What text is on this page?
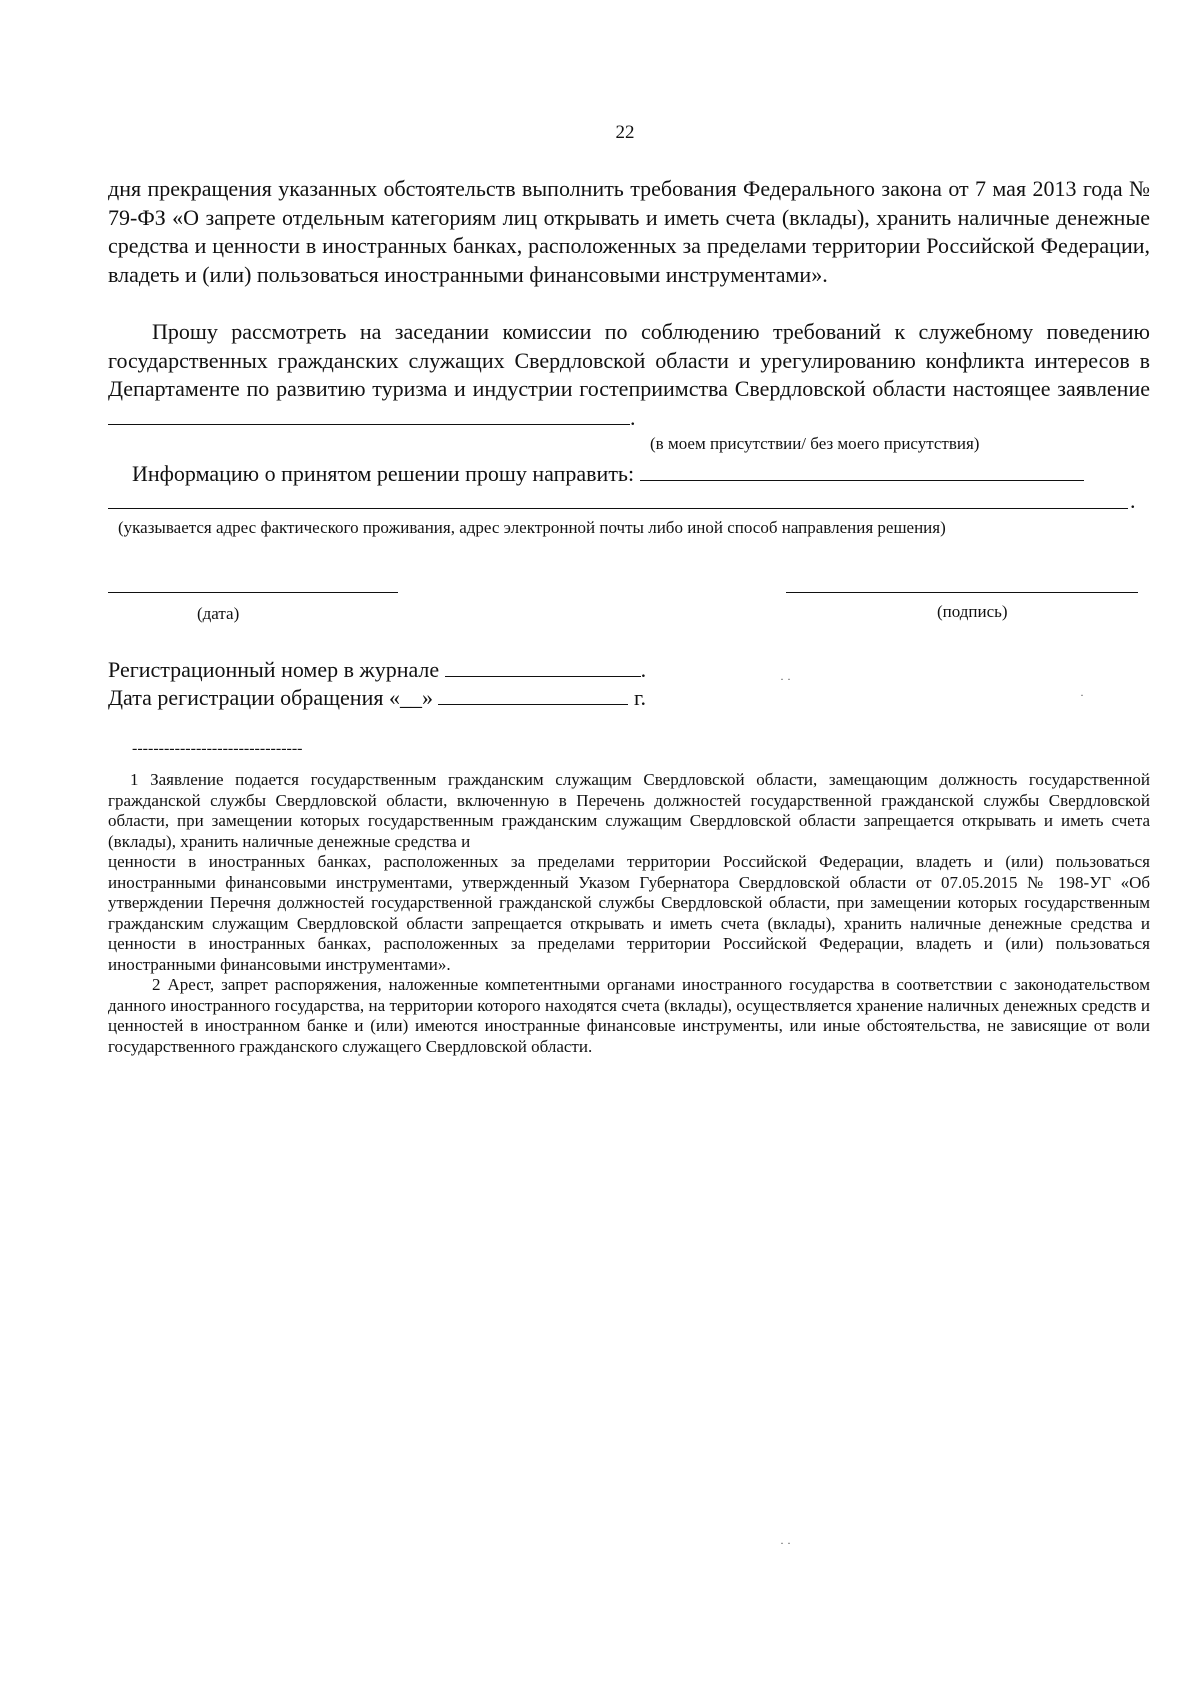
22
дня прекращения указанных обстоятельств выполнить требования Федерального закона от 7 мая 2013 года № 79-ФЗ «О запрете отдельным категориям лиц открывать и иметь счета (вклады), хранить наличные денежные средства и ценности в иностранных банках, расположенных за пределами территории Российской Федерации, владеть и (или) пользоваться иностранными финансовыми инструментами».
Прошу рассмотреть на заседании комиссии по соблюдению требований к служебному поведению государственных гражданских служащих Свердловской области и урегулированию конфликта интересов в Департаменте по развитию туризма и индустрии гостеприимства Свердловской области настоящее заявление .
(в моем присутствии/ без моего присутствия)
Информацию о принятом решении прошу направить:
.
(указывается адрес фактического проживания, адрес электронной почты либо иной способ направления решения)
(дата)	(подпись)
Регистрационный номер в журнале	.
Дата регистрации обращения «__»	г.
· ·
·
· ·
--------------------------------

1 Заявление подается государственным гражданским служащим Свердловской области, замещающим должность государственной гражданской службы Свердловской области, включенную в Перечень должностей государственной гражданской службы Свердловской области, при замещении которых государственным гражданским служащим Свердловской области запрещается открывать и иметь счета (вклады), хранить наличные денежные средства и

ценности в иностранных банках, расположенных за пределами территории Российской Федерации, владеть и (или) пользоваться иностранными финансовыми инструментами, утвержденный Указом Губернатора Свердловской области от 07.05.2015 № 198-УГ «Об утверждении Перечня должностей государственной гражданской службы Свердловской области, при замещении которых государственным гражданским служащим Свердловской области запрещается открывать и иметь счета (вклады), хранить наличные денежные средства и ценности в иностранных банках, расположенных за пределами территории Российской Федерации, владеть и (или) пользоваться иностранными финансовыми инструментами».

2 Арест, запрет распоряжения, наложенные компетентными органами иностранного государства в соответствии с законодательством данного иностранного государства, на территории которого находятся счета (вклады), осуществляется хранение наличных денежных средств и ценностей в иностранном банке и (или) имеются иностранные финансовые инструменты, или иные обстоятельства, не зависящие от воли государственного гражданского служащего Свердловской области.
